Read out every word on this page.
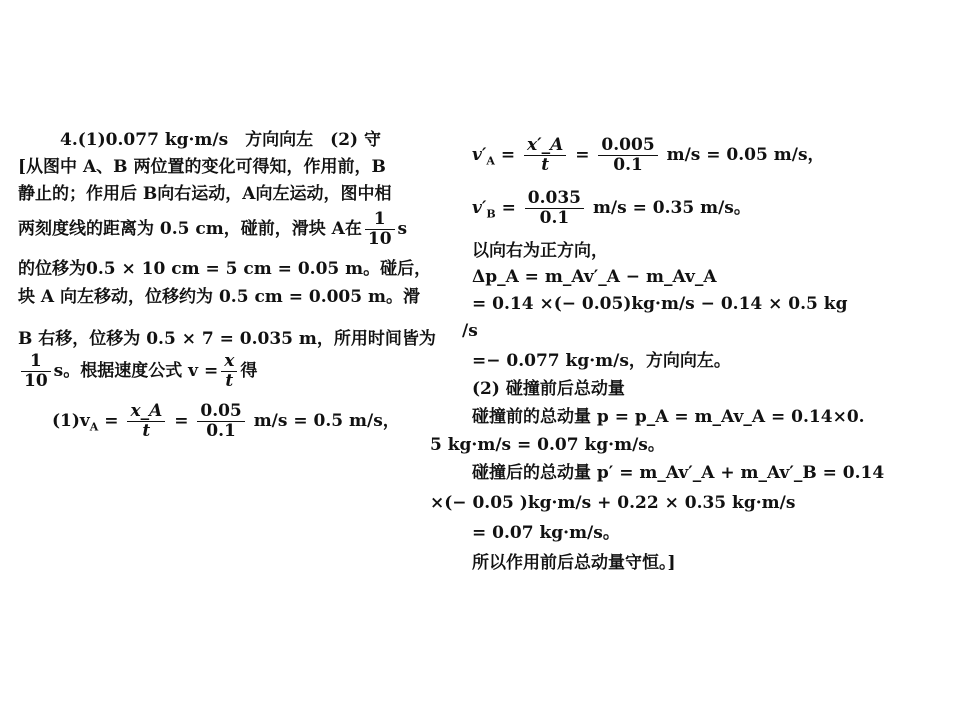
4.(1)0.077 kg·m/s　方向向左　(2) 守
[从图中 A、B 两位置的变化可得知，作用前，B
静止的；作用后 B向右运动，A向左运动，图中相
两刻度线的距离为 0.5 cm，碰前，滑块 A在 $\frac{1}{10}$ s
的位移为0.5 × 10 cm = 5 cm = 0.05 m。碰后，
块 A 向左移动，位移约为 0.5 cm = 0.005 m。滑
B 右移，位移为 0.5 × 7 = 0.035 m，所用时间皆为
$\frac{1}{10}$ s。根据速度公式 $v = \frac{x}{t}$ 得
$(1)v_A = \frac{x\_A}{t} = \frac{0.05}{0.1} m/s = 0.5$ m/s，
$v'_A = \frac{x'\_A}{t} = \frac{0.005}{0.1} m/s = 0.05$ m/s，
$v'_B = \frac{0.035}{0.1} m/s = 0.35$ m/s。
以向右为正方向，
Δp_A = m_Av′_A − m_Av_A
= 0.14 ×(− 0.05)kg·m/s − 0.14 × 0.5 kg
/s
=− 0.077 kg·m/s，方向向左。
(2) 碰撞前后总动量
碰撞前的总动量 p = p_A = m_Av_A = 0.14×0.
5 kg·m/s = 0.07 kg·m/s。
碰撞后的总动量 p′ = m_Av′_A + m_Av′_B = 0.14
×(− 0.05 )kg·m/s + 0.22 × 0.35 kg·m/s
= 0.07 kg·m/s。
所以作用前后总动量守恒。]
